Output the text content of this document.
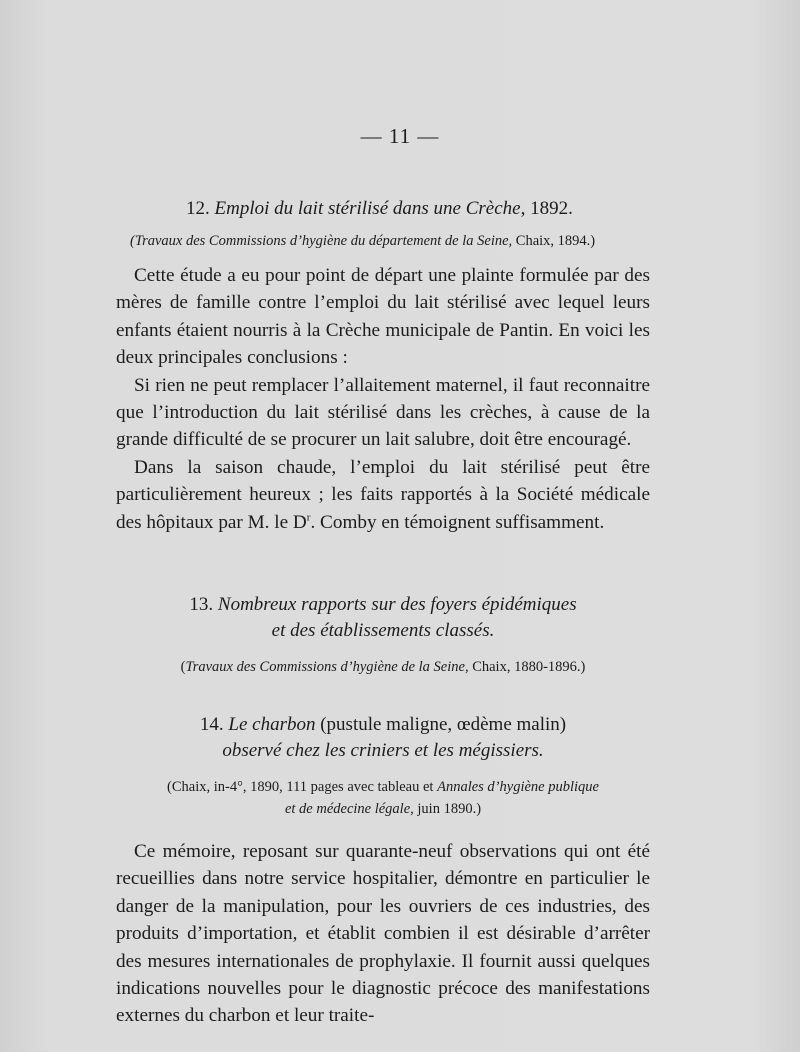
— 11 —
12. Emploi du lait stérilisé dans une Crèche, 1892.
(Travaux des Commissions d’hygiène du département de la Seine, Chaix, 1894.)

Cette étude a eu pour point de départ une plainte formulée par des mères de famille contre l’emploi du lait stérilisé avec lequel leurs enfants étaient nourris à la Crèche municipale de Pantin. En voici les deux principales conclusions :

Si rien ne peut remplacer l’allaitement maternel, il faut reconnaitre que l’introduction du lait stérilisé dans les crèches, à cause de la grande difficulté de se procurer un lait salubre, doit être encouragé.

Dans la saison chaude, l’emploi du lait stérilisé peut être particulièrement heureux ; les faits rapportés à la Société médicale des hôpitaux par M. le $D^r$. Comby en témoignent suffisamment.

13. Nombreux rapports sur des foyers épidémiques
et des établissements classés.
(Travaux des Commissions d’hygiène de la Seine, Chaix, 1880-1896.)
14. Le charbon (pustule maligne, œdème malin)
observé chez les criniers et les mégissiers.
(Chaix, in-4°, 1890, 111 pages avec tableau et Annales d’hygiène publique
et de médecine légale, juin 1890.)

Ce mémoire, reposant sur quarante-neuf observations qui ont été recueillies dans notre service hospitalier, démontre en particulier le danger de la manipulation, pour les ouvriers de ces industries, des produits d’importation, et établit combien il est désirable d’arrêter des mesures internationales de prophylaxie. Il fournit aussi quelques indications nouvelles pour le diagnostic précoce des manifestations externes du charbon et leur traite-
